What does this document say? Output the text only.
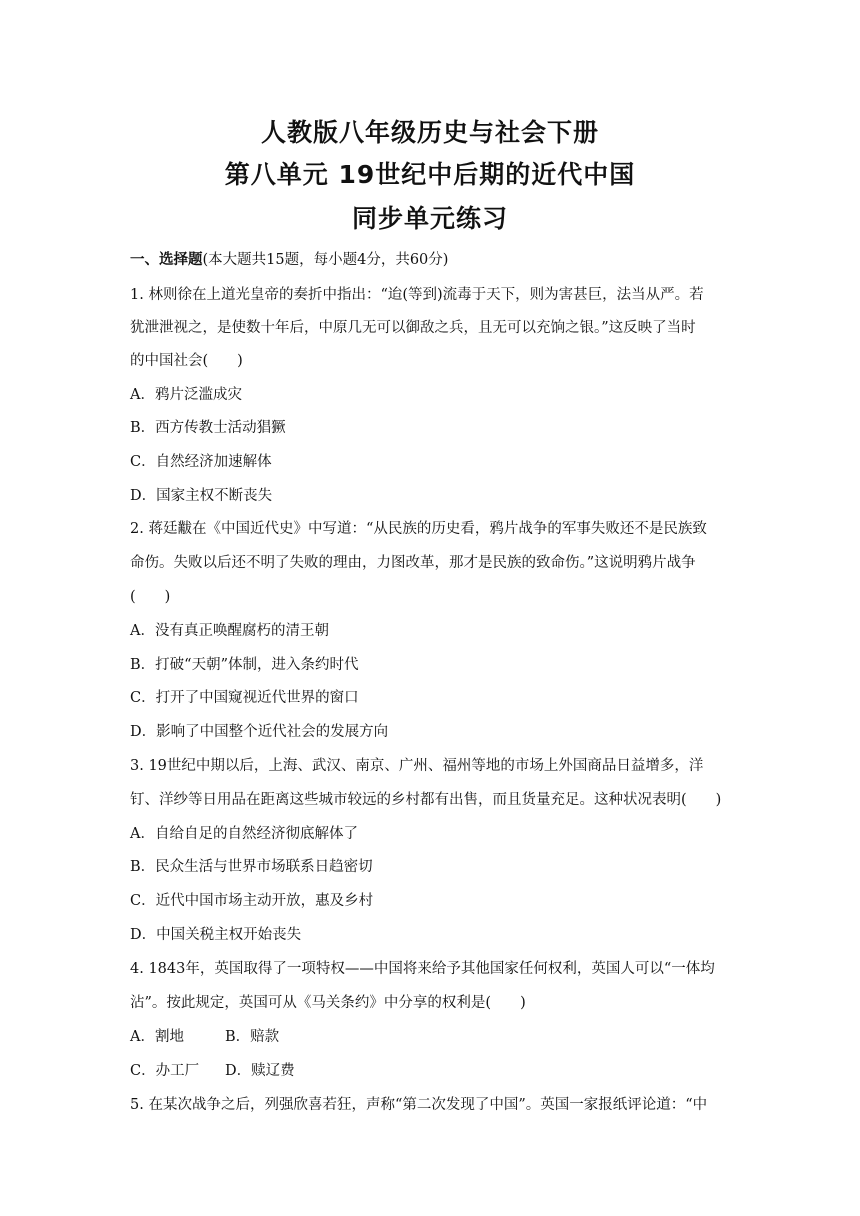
人教版八年级历史与社会下册
第八单元 19世纪中后期的近代中国
同步单元练习
一、选择题(本大题共15题，每小题4分，共60分)
1. 林则徐在上道光皇帝的奏折中指出：“迨(等到)流毒于天下，则为害甚巨，法当从严。若
犹泄泄视之，是使数十年后，中原几无可以御敌之兵，且无可以充饷之银。”这反映了当时
的中国社会(　　)
A．鸦片泛滥成灾
B．西方传教士活动猖獗
C．自然经济加速解体
D．国家主权不断丧失
2. 蒋廷黻在《中国近代史》中写道：“从民族的历史看，鸦片战争的军事失败还不是民族致
命伤。失败以后还不明了失败的理由，力图改革，那才是民族的致命伤。”这说明鸦片战争
(　　)
A．没有真正唤醒腐朽的清王朝
B．打破“天朝”体制，进入条约时代
C．打开了中国窥视近代世界的窗口
D．影响了中国整个近代社会的发展方向
3. 19世纪中期以后，上海、武汉、南京、广州、福州等地的市场上外国商品日益增多，洋
钉、洋纱等日用品在距离这些城市较远的乡村都有出售，而且货量充足。这种状况表明(　　)
A．自给自足的自然经济彻底解体了
B．民众生活与世界市场联系日趋密切
C．近代中国市场主动开放，惠及乡村
D．中国关税主权开始丧失
4. 1843年，英国取得了一项特权——中国将来给予其他国家任何权利，英国人可以“一体均
沾”。按此规定，英国可从《马关条约》中分享的权利是(　　)
A．割地	B．赔款
C．办工厂 D．赎辽费
5. 在某次战争之后，列强欣喜若狂，声称“第二次发现了中国”。英国一家报纸评论道：“中
